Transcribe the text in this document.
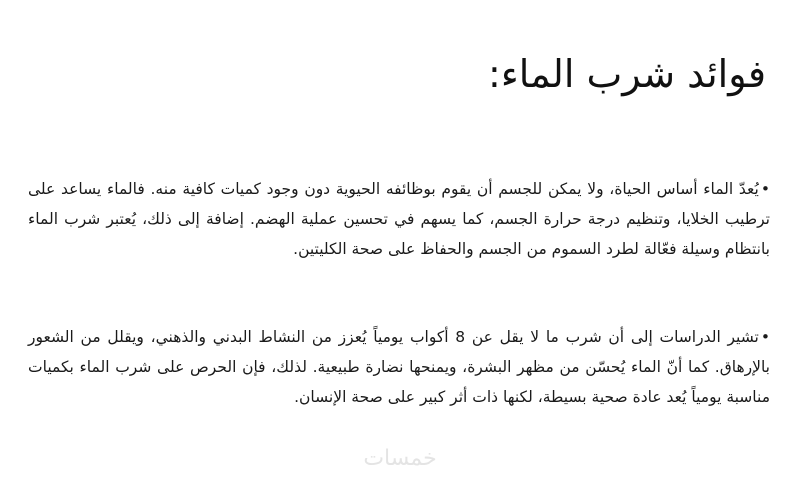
فوائد شرب الماء:

•يُعدّ الماء أساس الحياة، ولا يمكن للجسم أن يقوم بوظائفه الحيوية دون وجود كميات كافية منه. فالماء يساعد على ترطيب الخلايا، وتنظيم درجة حرارة الجسم، كما يسهم في تحسين عملية الهضم. إضافة إلى ذلك، يُعتبر شرب الماء بانتظام وسيلة فعّالة لطرد السموم من الجسم والحفاظ على صحة الكليتين.

•تشير الدراسات إلى أن شرب ما لا يقل عن 8 أكواب يومياً يُعزز من النشاط البدني والذهني، ويقلل من الشعور بالإرهاق. كما أنّ الماء يُحسّن من مظهر البشرة، ويمنحها نضارة طبيعية. لذلك، فإن الحرص على شرب الماء بكميات مناسبة يومياً يُعد عادة صحية بسيطة، لكنها ذات أثر كبير على صحة الإنسان.

خمسات
